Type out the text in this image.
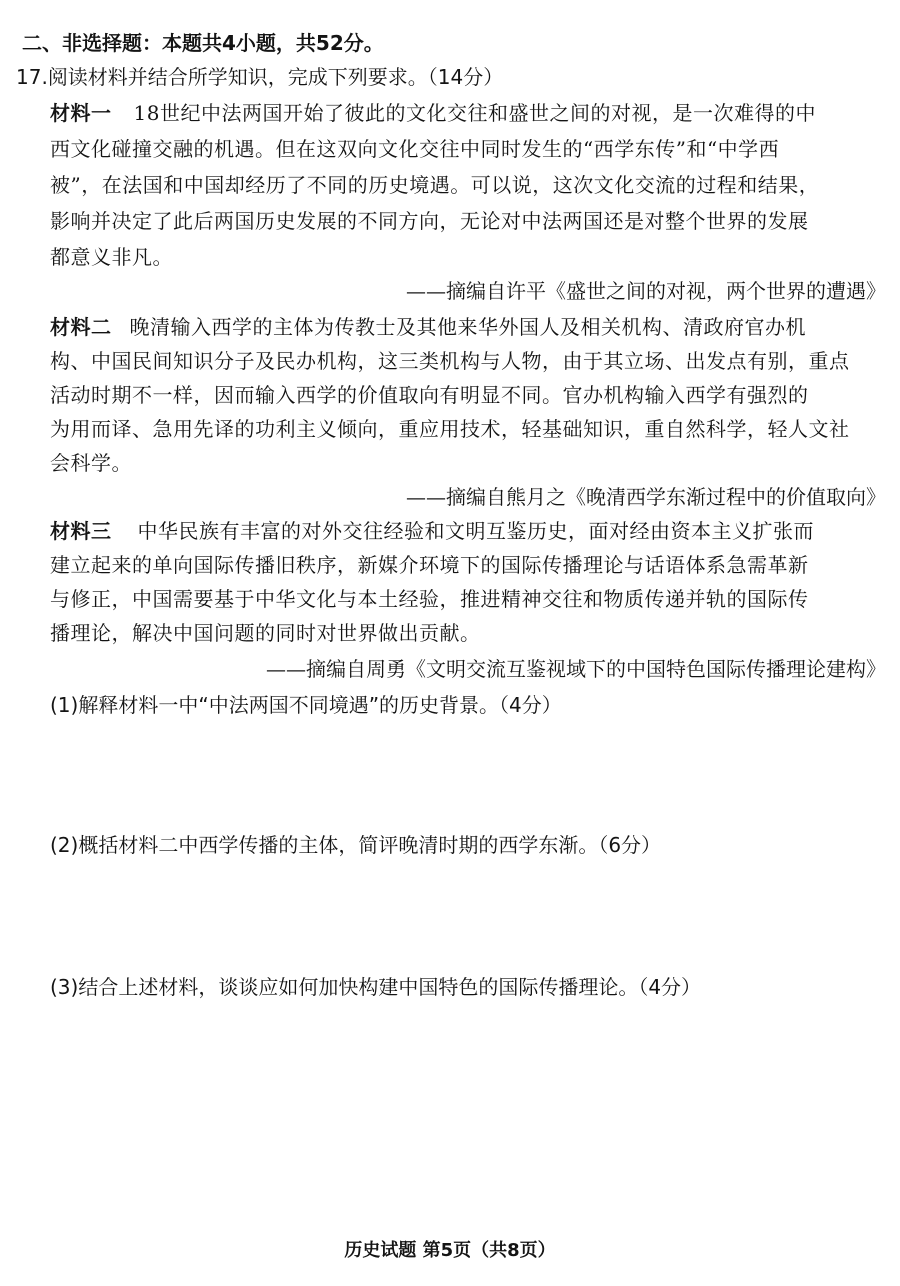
二、非选择题：本题共4小题，共52分。
17.阅读材料并结合所学知识，完成下列要求。（14分）
材料一 18世纪中法两国开始了彼此的文化交往和盛世之间的对视，是一次难得的中
西文化碰撞交融的机遇。但在这双向文化交往中同时发生的“西学东传”和“中学西
被”，在法国和中国却经历了不同的历史境遇。可以说，这次文化交流的过程和结果，
影响并决定了此后两国历史发展的不同方向，无论对中法两国还是对整个世界的发展
都意义非凡。
——摘编自许平《盛世之间的对视，两个世界的遭遇》
材料二 晚清输入西学的主体为传教士及其他来华外国人及相关机构、清政府官办机
构、中国民间知识分子及民办机构，这三类机构与人物，由于其立场、出发点有别，重点
活动时期不一样，因而输入西学的价值取向有明显不同。官办机构输入西学有强烈的
为用而译、急用先译的功利主义倾向，重应用技术，轻基础知识，重自然科学，轻人文社
会科学。
——摘编自熊月之《晚清西学东渐过程中的价值取向》
材料三 中华民族有丰富的对外交往经验和文明互鉴历史，面对经由资本主义扩张而
建立起来的单向国际传播旧秩序，新媒介环境下的国际传播理论与话语体系急需革新
与修正，中国需要基于中华文化与本土经验，推进精神交往和物质传递并轨的国际传
播理论，解决中国问题的同时对世界做出贡献。
——摘编自周勇《文明交流互鉴视域下的中国特色国际传播理论建构》
(1)解释材料一中“中法两国不同境遇”的历史背景。（4分）
(2)概括材料二中西学传播的主体，简评晚清时期的西学东渐。（6分）
(3)结合上述材料，谈谈应如何加快构建中国特色的国际传播理论。（4分）
历史试题 第5页（共8页）
